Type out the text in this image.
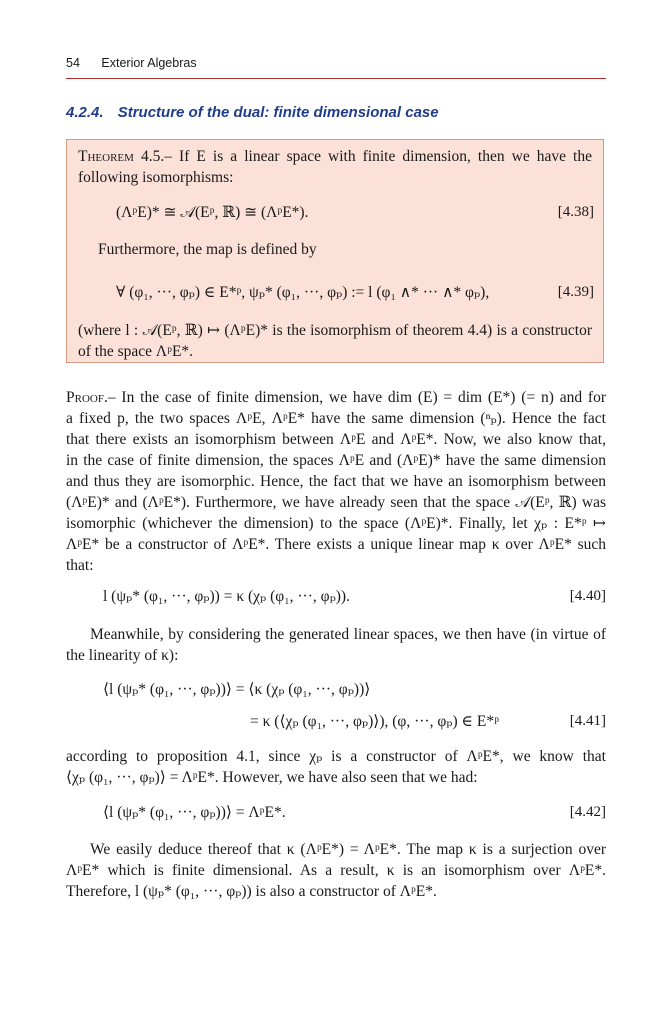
54 Exterior Algebras
4.2.4. Structure of the dual: finite dimensional case
Theorem 4.5.– If E is a linear space with finite dimension, then we have the
following isomorphisms:
(ΛᵖE)* ≅ 𝒜(Eᵖ, ℝ) ≅ (ΛᵖE*).	[4.38]
Furthermore, the map is defined by
∀ (φ₁, ···, φₚ) ∈ E*ᵖ, ψₚ* (φ₁, ···, φₚ) := l (φ₁ ∧* ··· ∧* φₚ),	[4.39]
(where l : 𝒜(Eᵖ, ℝ) ↦ (ΛᵖE)* is the isomorphism of theorem 4.4) is a constructor
of the space ΛᵖE*.
Proof.– In the case of finite dimension, we have dim (E) = dim (E*) (= n) and for
a fixed p, the two spaces ΛᵖE, ΛᵖE* have the same dimension (ⁿₚ). Hence the fact
that there exists an isomorphism between ΛᵖE and ΛᵖE*. Now, we also know that,
in the case of finite dimension, the spaces ΛᵖE and (ΛᵖE)* have the same dimension
and thus they are isomorphic. Hence, the fact that we have an isomorphism between
(ΛᵖE)* and (ΛᵖE*). Furthermore, we have already seen that the space 𝒜(Eᵖ, ℝ) was
isomorphic (whichever the dimension) to the space (ΛᵖE)*. Finally, let χₚ : E*ᵖ ↦
ΛᵖE* be a constructor of ΛᵖE*. There exists a unique linear map κ over ΛᵖE* such
that:
l (ψₚ* (φ₁, ···, φₚ)) = κ (χₚ (φ₁, ···, φₚ)).	[4.40]
Meanwhile, by considering the generated linear spaces, we then have (in virtue of
the linearity of κ):
⟨l (ψₚ* (φ₁, ···, φₚ))⟩ = ⟨κ (χₚ (φ₁, ···, φₚ))⟩
= κ (⟨χₚ (φ₁, ···, φₚ)⟩), (φ, ···, φₚ) ∈ E*ᵖ	[4.41]
according to proposition 4.1, since χₚ is a constructor of ΛᵖE*, we know that
⟨χₚ (φ₁, ···, φₚ)⟩ = ΛᵖE*. However, we have also seen that we had:
⟨l (ψₚ* (φ₁, ···, φₚ))⟩ = ΛᵖE*.	[4.42]
We easily deduce thereof that κ (ΛᵖE*) = ΛᵖE*. The map κ is a surjection over
ΛᵖE* which is finite dimensional. As a result, κ is an isomorphism over ΛᵖE*.
Therefore, l (ψₚ* (φ₁, ···, φₚ)) is also a constructor of ΛᵖE*.
